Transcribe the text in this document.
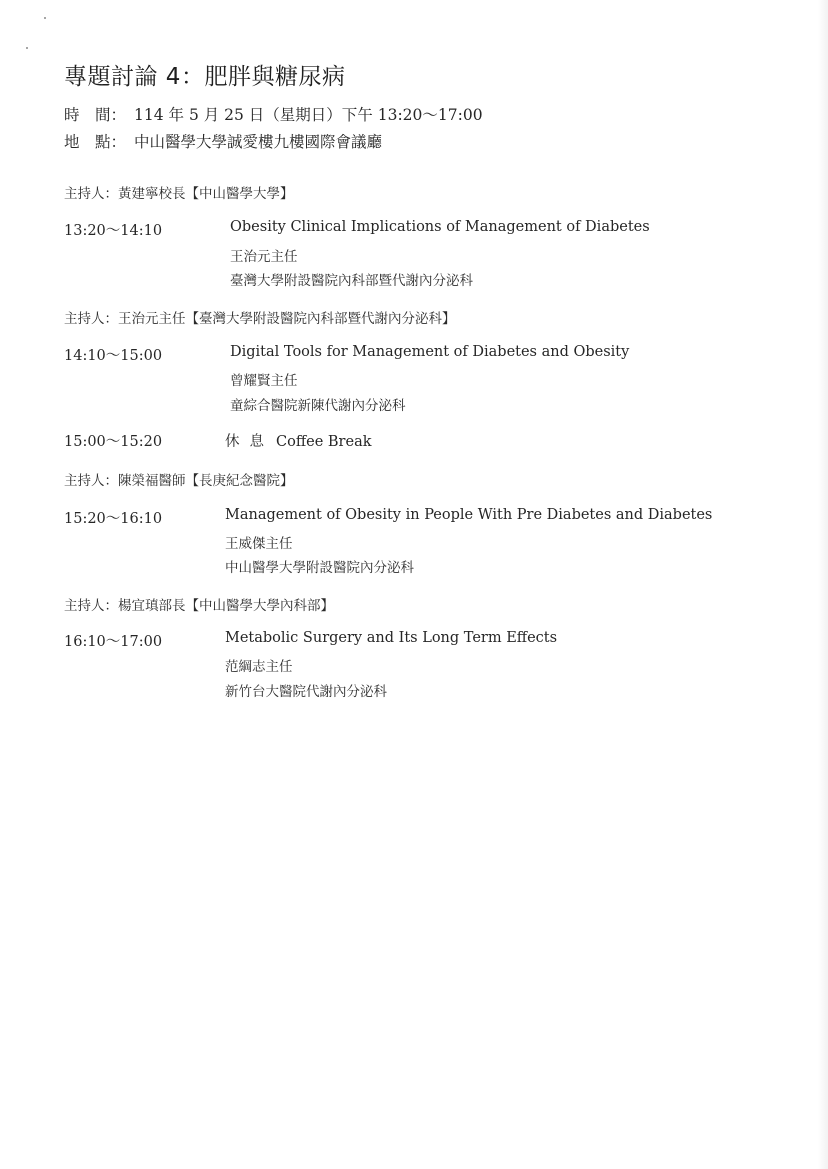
專題討論 4：肥胖與糖尿病
時　間： 114 年 5 月 25 日（星期日）下午 13:20～17:00
地　點： 中山醫學大學誠愛樓九樓國際會議廳
主持人：黃建寧校長【中山醫學大學】
13:20～14:10	Obesity Clinical Implications of Management of Diabetes
王治元主任
臺灣大學附設醫院內科部暨代謝內分泌科
主持人：王治元主任【臺灣大學附設醫院內科部暨代謝內分泌科】
14:10～15:00	Digital Tools for Management of Diabetes and Obesity
曾耀賢主任
童綜合醫院新陳代謝內分泌科
15:00～15:20	休息 Coffee Break
主持人：陳榮福醫師【長庚紀念醫院】
15:20～16:10	Management of Obesity in People With Pre Diabetes and Diabetes
王威傑主任
中山醫學大學附設醫院內分泌科
主持人：楊宜瑱部長【中山醫學大學內科部】
16:10～17:00	Metabolic Surgery and Its Long Term Effects
范綱志主任
新竹台大醫院代謝內分泌科
